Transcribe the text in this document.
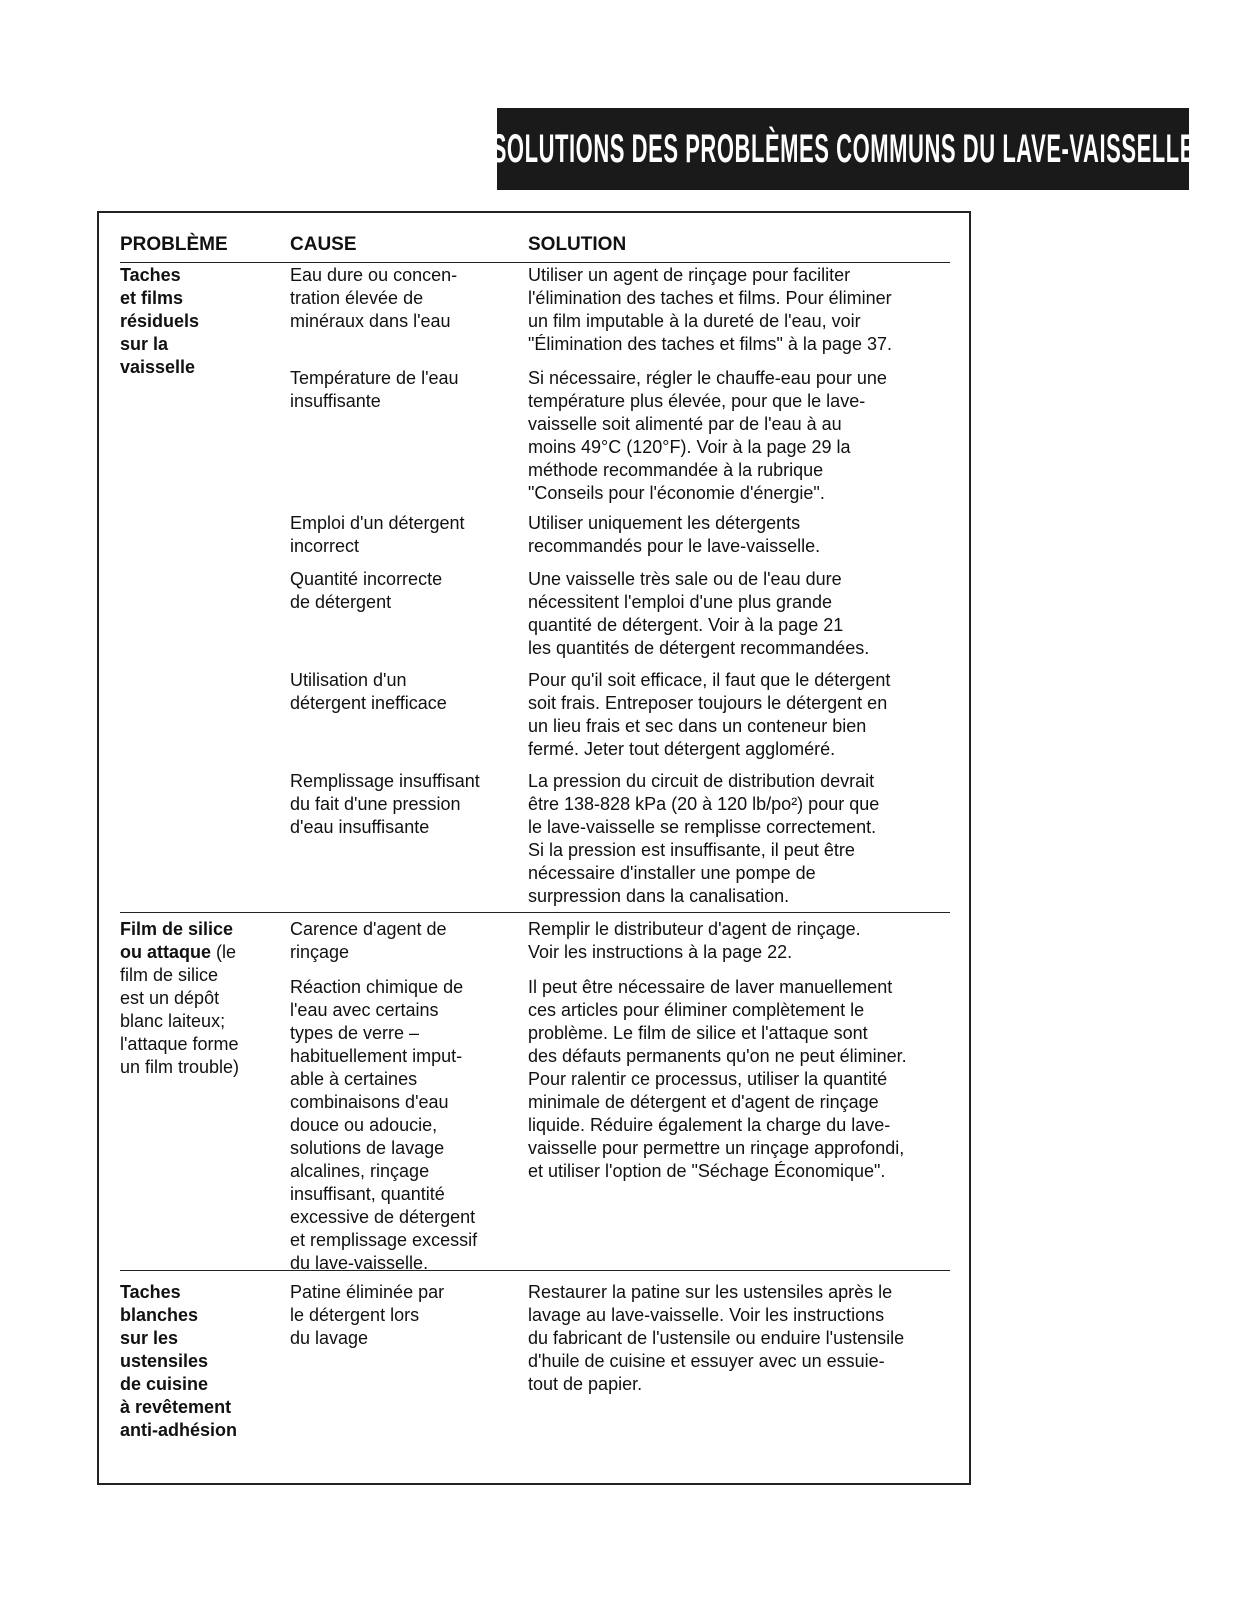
SOLUTIONS DES PROBLÈMES COMMUNS DU LAVE-VAISSELLE
PROBLÈME	CAUSE	SOLUTION
Taches
et films
résiduels
sur la
vaisselle
Eau dure ou concen-
tration élevée de
minéraux dans l'eau
Utiliser un agent de rinçage pour faciliter
l'élimination des taches et films. Pour éliminer
un film imputable à la dureté de l'eau, voir
"Élimination des taches et films" à la page 37.
Température de l'eau
insuffisante
Si nécessaire, régler le chauffe-eau pour une
température plus élevée, pour que le lave-
vaisselle soit alimenté par de l'eau à au
moins 49°C (120°F). Voir à la page 29 la
méthode recommandée à la rubrique
"Conseils pour l'économie d'énergie".
Emploi d'un détergent
incorrect
Utiliser uniquement les détergents
recommandés pour le lave-vaisselle.
Quantité incorrecte
de détergent
Une vaisselle très sale ou de l'eau dure
nécessitent l'emploi d'une plus grande
quantité de détergent. Voir à la page 21
les quantités de détergent recommandées.
Utilisation d'un
détergent inefficace
Pour qu'il soit efficace, il faut que le détergent
soit frais. Entreposer toujours le détergent en
un lieu frais et sec dans un conteneur bien
fermé. Jeter tout détergent aggloméré.
Remplissage insuffisant
du fait d'une pression
d'eau insuffisante
La pression du circuit de distribution devrait
être 138-828 kPa (20 à 120 lb/po²) pour que
le lave-vaisselle se remplisse correctement.
Si la pression est insuffisante, il peut être
nécessaire d'installer une pompe de
surpression dans la canalisation.
Film de silice
ou attaque (le
film de silice
est un dépôt
blanc laiteux;
l'attaque forme
un film trouble)
Carence d'agent de
rinçage
Remplir le distributeur d'agent de rinçage.
Voir les instructions à la page 22.
Réaction chimique de
l'eau avec certains
types de verre –
habituellement imput-
able à certaines
combinaisons d'eau
douce ou adoucie,
solutions de lavage
alcalines, rinçage
insuffisant, quantité
excessive de détergent
et remplissage excessif
du lave-vaisselle.
Il peut être nécessaire de laver manuellement
ces articles pour éliminer complètement le
problème. Le film de silice et l'attaque sont
des défauts permanents qu'on ne peut éliminer.
Pour ralentir ce processus, utiliser la quantité
minimale de détergent et d'agent de rinçage
liquide. Réduire également la charge du lave-
vaisselle pour permettre un rinçage approfondi,
et utiliser l'option de "Séchage Économique".
Taches
blanches
sur les
ustensiles
de cuisine
à revêtement
anti-adhésion
Patine éliminée par
le détergent lors
du lavage
Restaurer la patine sur les ustensiles après le
lavage au lave-vaisselle. Voir les instructions
du fabricant de l'ustensile ou enduire l'ustensile
d'huile de cuisine et essuyer avec un essuie-
tout de papier.
